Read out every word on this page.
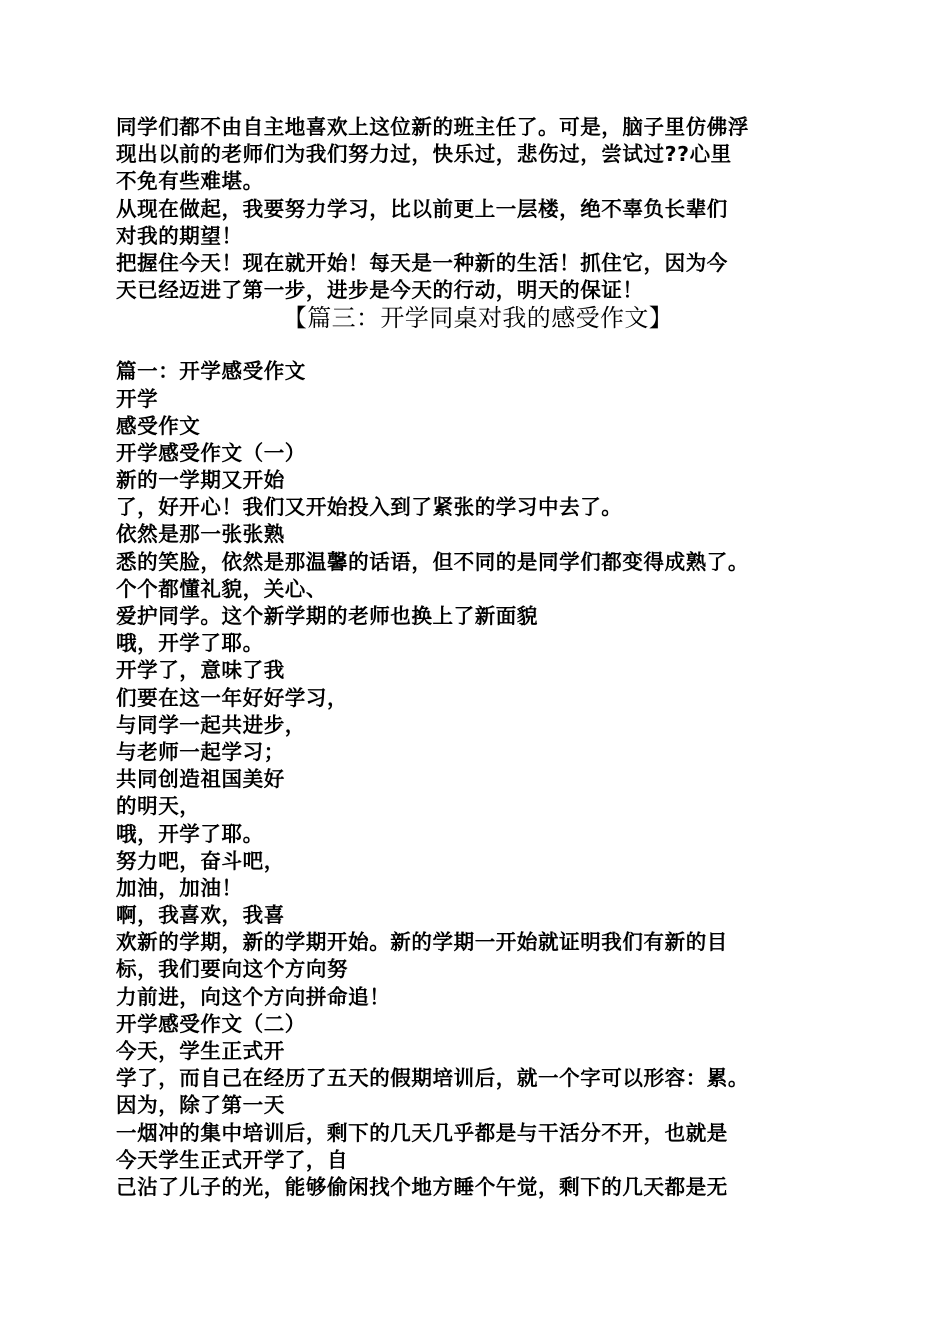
同学们都不由自主地喜欢上这位新的班主任了。可是，脑子里仿佛浮
现出以前的老师们为我们努力过，快乐过，悲伤过，尝试过??心里
不免有些难堪。
从现在做起，我要努力学习，比以前更上一层楼，绝不辜负长辈们
对我的期望！
把握住今天！现在就开始！每天是一种新的生活！抓住它，因为今
天已经迈进了第一步，进步是今天的行动，明天的保证！
【篇三：开学同桌对我的感受作文】
篇一：开学感受作文
开学
感受作文
开学感受作文（一）
新的一学期又开始
了，好开心！我们又开始投入到了紧张的学习中去了。
依然是那一张张熟
悉的笑脸，依然是那温馨的话语，但不同的是同学们都变得成熟了。
个个都懂礼貌，关心、
爱护同学。这个新学期的老师也换上了新面貌
哦，开学了耶。
开学了，意味了我
们要在这一年好好学习，
与同学一起共进步，
与老师一起学习；
共同创造祖国美好
的明天，
哦，开学了耶。
努力吧，奋斗吧，
加油，加油！
啊，我喜欢，我喜
欢新的学期，新的学期开始。新的学期一开始就证明我们有新的目
标，我们要向这个方向努
力前进，向这个方向拼命追！
开学感受作文（二）
今天，学生正式开
学了，而自己在经历了五天的假期培训后，就一个字可以形容：累。
因为，除了第一天
一烟冲的集中培训后，剩下的几天几乎都是与干活分不开，也就是
今天学生正式开学了，自
己沾了儿子的光，能够偷闲找个地方睡个午觉，剩下的几天都是无
